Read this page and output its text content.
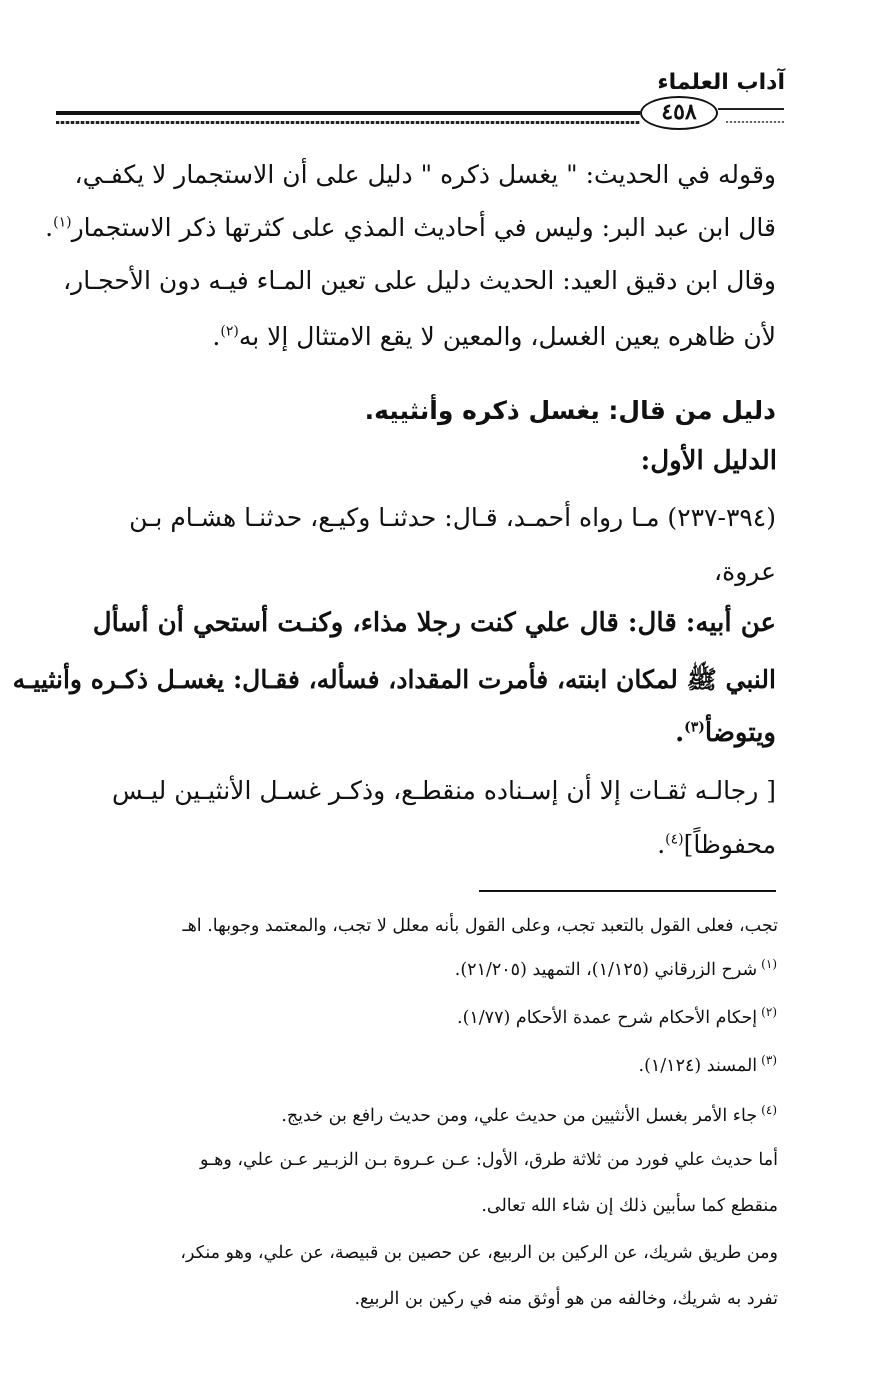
آداب العلماء
٤٥٨
وقوله في الحديث: " يغسل ذكره " دليل على أن الاستجمار لا يكفـي،
قال ابن عبد البر: وليس في أحاديث المذي على كثرتها ذكر الاستجمار$^{(١)}$.
وقال ابن دقيق العيد: الحديث دليل على تعين المـاء فيـه دون الأحجـار،
لأن ظاهره يعين الغسل، والمعين لا يقع الامتثال إلا به$^{(٢)}$.
دليل من قال: يغسل ذكره وأنثييه.
الدليل الأول:
(٣٩٤-٢٣٧) مـا رواه أحمـد، قـال: حدثنـا وكيـع، حدثنـا هشـام بـن
عروة،
عن أبيه: قال: قال علي كنت رجلا مذاء، وكنـت أستحي أن أسأل
النبي ﷺ لمكان ابنته، فأمرت المقداد، فسأله، فقـال: يغسـل ذكـره وأنثييـه
ويتوضأ$^{(٣)}$.
[ رجالـه ثقـات إلا أن إسـناده منقطـع، وذكـر غسـل الأنثيـين ليـس
محفوظاً]$^{(٤)}$.
تجب، فعلى القول بالتعبد تجب، وعلى القول بأنه معلل لا تجب، والمعتمد وجوبها. اهـ
$^{(١)}$شرح الزرقاني (١/١٢٥)، التمهيد (٢١/٢٠٥).
$^{(٢)}$إحكام الأحكام شرح عمدة الأحكام (١/٧٧).
$^{(٣)}$المسند (١/١٢٤).
$^{(٤)}$جاء الأمر بغسل الأنثيين من حديث علي، ومن حديث رافع بن خديج.
أما حديث علي فورد من ثلاثة طرق، الأول: عـن عـروة بـن الزبـير عـن علي، وهـو
منقطع كما سأبين ذلك إن شاء الله تعالى.
ومن طريق شريك، عن الركين بن الربيع، عن حصين بن قبيصة، عن علي، وهو منكر،
تفرد به شريك، وخالفه من هو أوثق منه في ركين بن الربيع.
